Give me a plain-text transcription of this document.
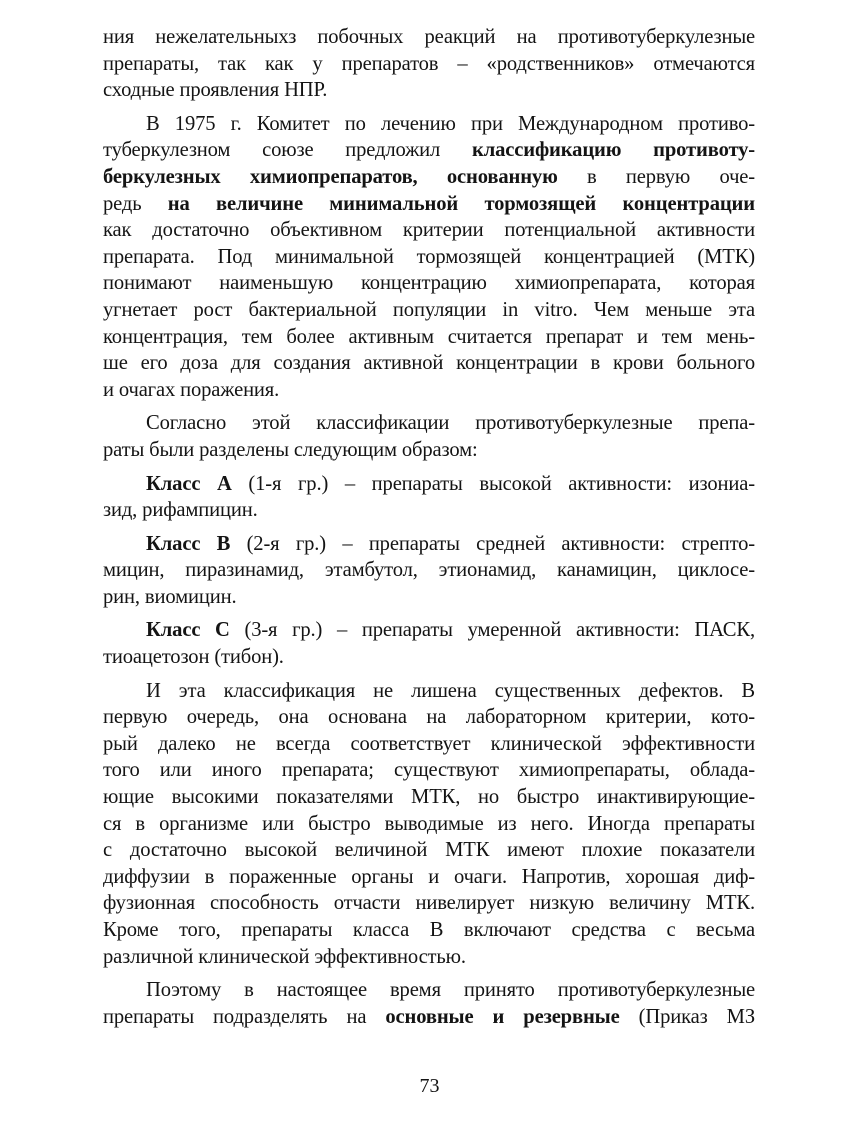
ния нежелательныхз побочных реакций на противотуберкулезные
препараты, так как у препаратов – «родственников» отмечаются
сходные проявления НПР.
В 1975 г. Комитет по лечению при Международном противо-
туберкулезном союзе предложил классификацию противоту-
беркулезных химиопрепаратов, основанную в первую оче-
редь на величине минимальной тормозящей концентрации
как достаточно объективном критерии потенциальной активности
препарата. Под минимальной тормозящей концентрацией (МТК)
понимают наименьшую концентрацию химиопрепарата, которая
угнетает рост бактериальной популяции in vitro. Чем меньше эта
концентрация, тем более активным считается препарат и тем мень-
ше его доза для создания активной концентрации в крови больного
и очагах поражения.
Согласно этой классификации противотуберкулезные препа-
раты были разделены следующим образом:
Класс А (1-я гр.) – препараты высокой активности: изониа-
зид, рифампицин.
Класс В (2-я гр.) – препараты средней активности: стрепто-
мицин, пиразинамид, этамбутол, этионамид, канамицин, циклосе-
рин, виомицин.
Класс С (3-я гр.) – препараты умеренной активности: ПАСК,
тиоацетозон (тибон).
И эта классификация не лишена существенных дефектов. В
первую очередь, она основана на лабораторном критерии, кото-
рый далеко не всегда соответствует клинической эффективности
того или иного препарата; существуют химиопрепараты, облада-
ющие высокими показателями МТК, но быстро инактивирующие-
ся в организме или быстро выводимые из него. Иногда препараты
с достаточно высокой величиной МТК имеют плохие показатели
диффузии в пораженные органы и очаги. Напротив, хорошая диф-
фузионная способность отчасти нивелирует низкую величину МТК.
Кроме того, препараты класса В включают средства с весьма
различной клинической эффективностью.
Поэтому в настоящее время принято противотуберкулезные
препараты подразделять на основные и резервные (Приказ МЗ
73
